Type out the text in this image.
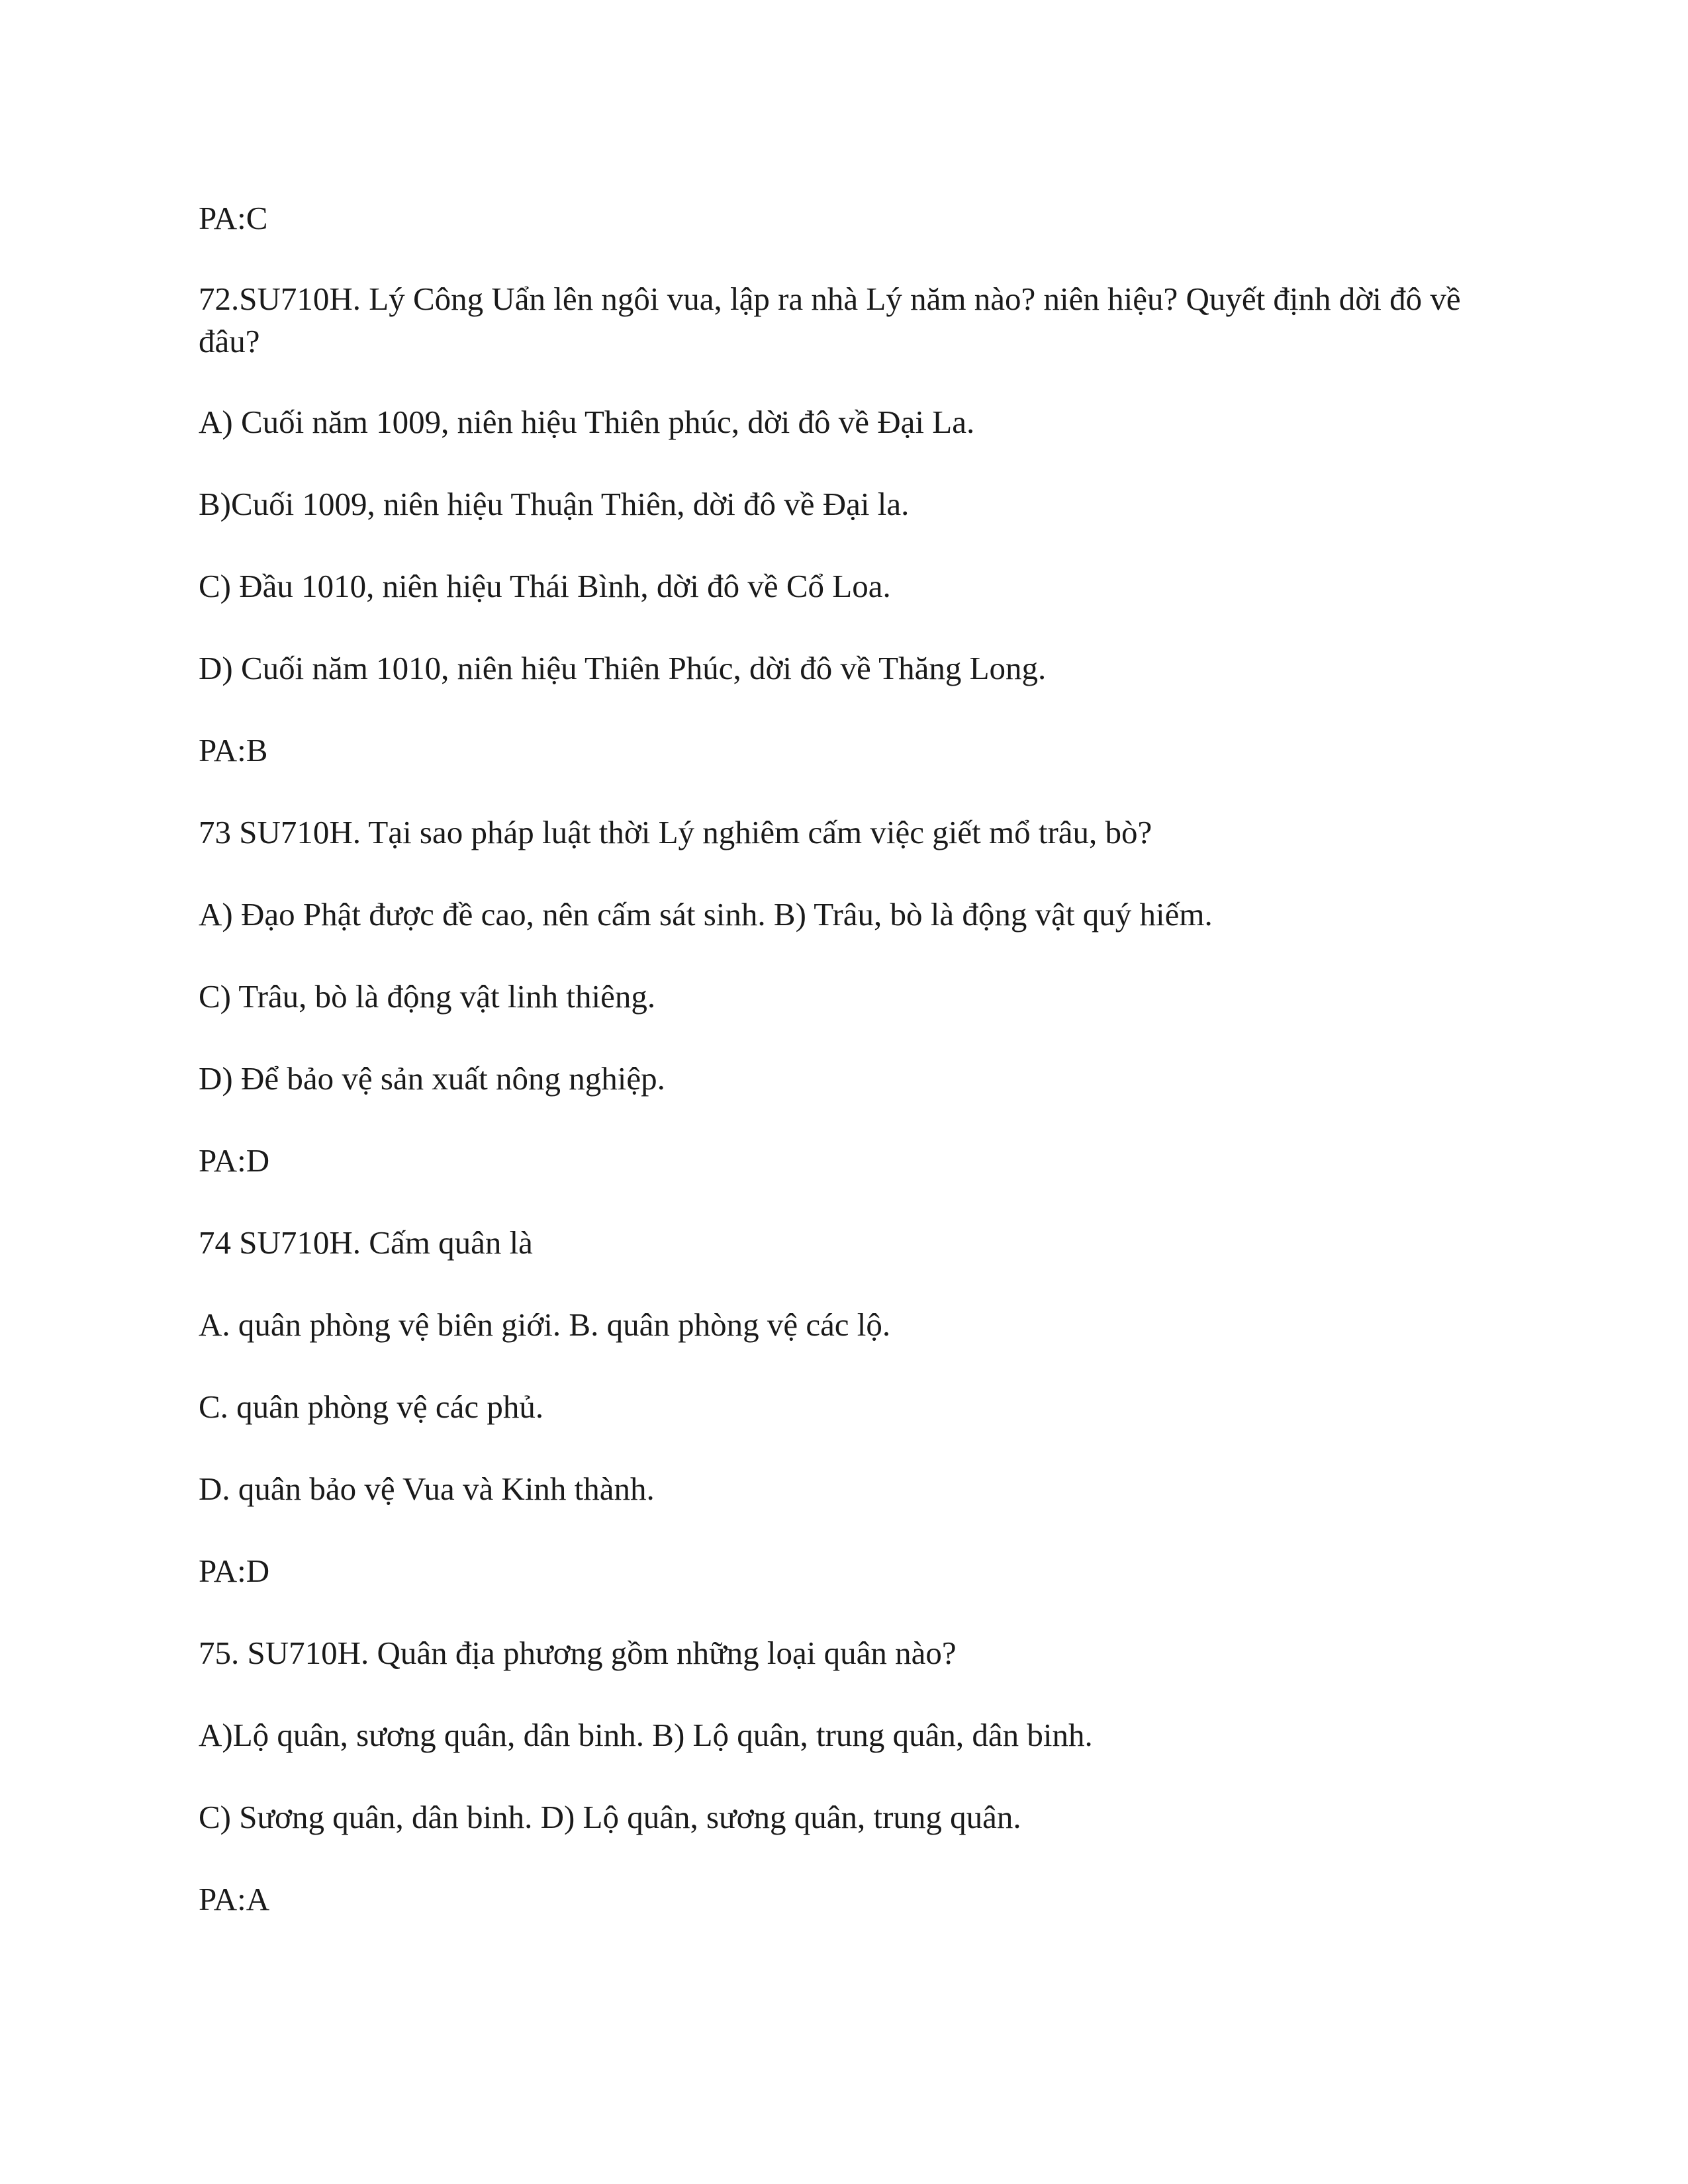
PA:C
72.SU710H. Lý Công Uẩn lên ngôi vua, lập ra nhà Lý năm nào? niên hiệu? Quyết định dời đô về
đâu?
A) Cuối năm 1009, niên hiệu Thiên phúc, dời đô về Đại La.
B)Cuối 1009, niên hiệu Thuận Thiên, dời đô về Đại la.
C) Đầu 1010, niên hiệu Thái Bình, dời đô về Cổ Loa.
D) Cuối năm 1010, niên hiệu Thiên Phúc, dời đô về Thăng Long.
PA:B
73 SU710H. Tại sao pháp luật thời Lý nghiêm cấm việc giết mổ trâu, bò?
A) Đạo Phật được đề cao, nên cấm sát sinh. B) Trâu, bò là động vật quý hiếm.
C) Trâu, bò là động vật linh thiêng.
D) Để bảo vệ sản xuất nông nghiệp.
PA:D
74 SU710H. Cấm quân là
A. quân phòng vệ biên giới. B. quân phòng vệ các lộ.
C. quân phòng vệ các phủ.
D. quân bảo vệ Vua và Kinh thành.
PA:D
75. SU710H. Quân địa phương gồm những loại quân nào?
A)Lộ quân, sương quân, dân binh. B) Lộ quân, trung quân, dân binh.
C) Sương quân, dân binh. D) Lộ quân, sương quân, trung quân.
PA:A
